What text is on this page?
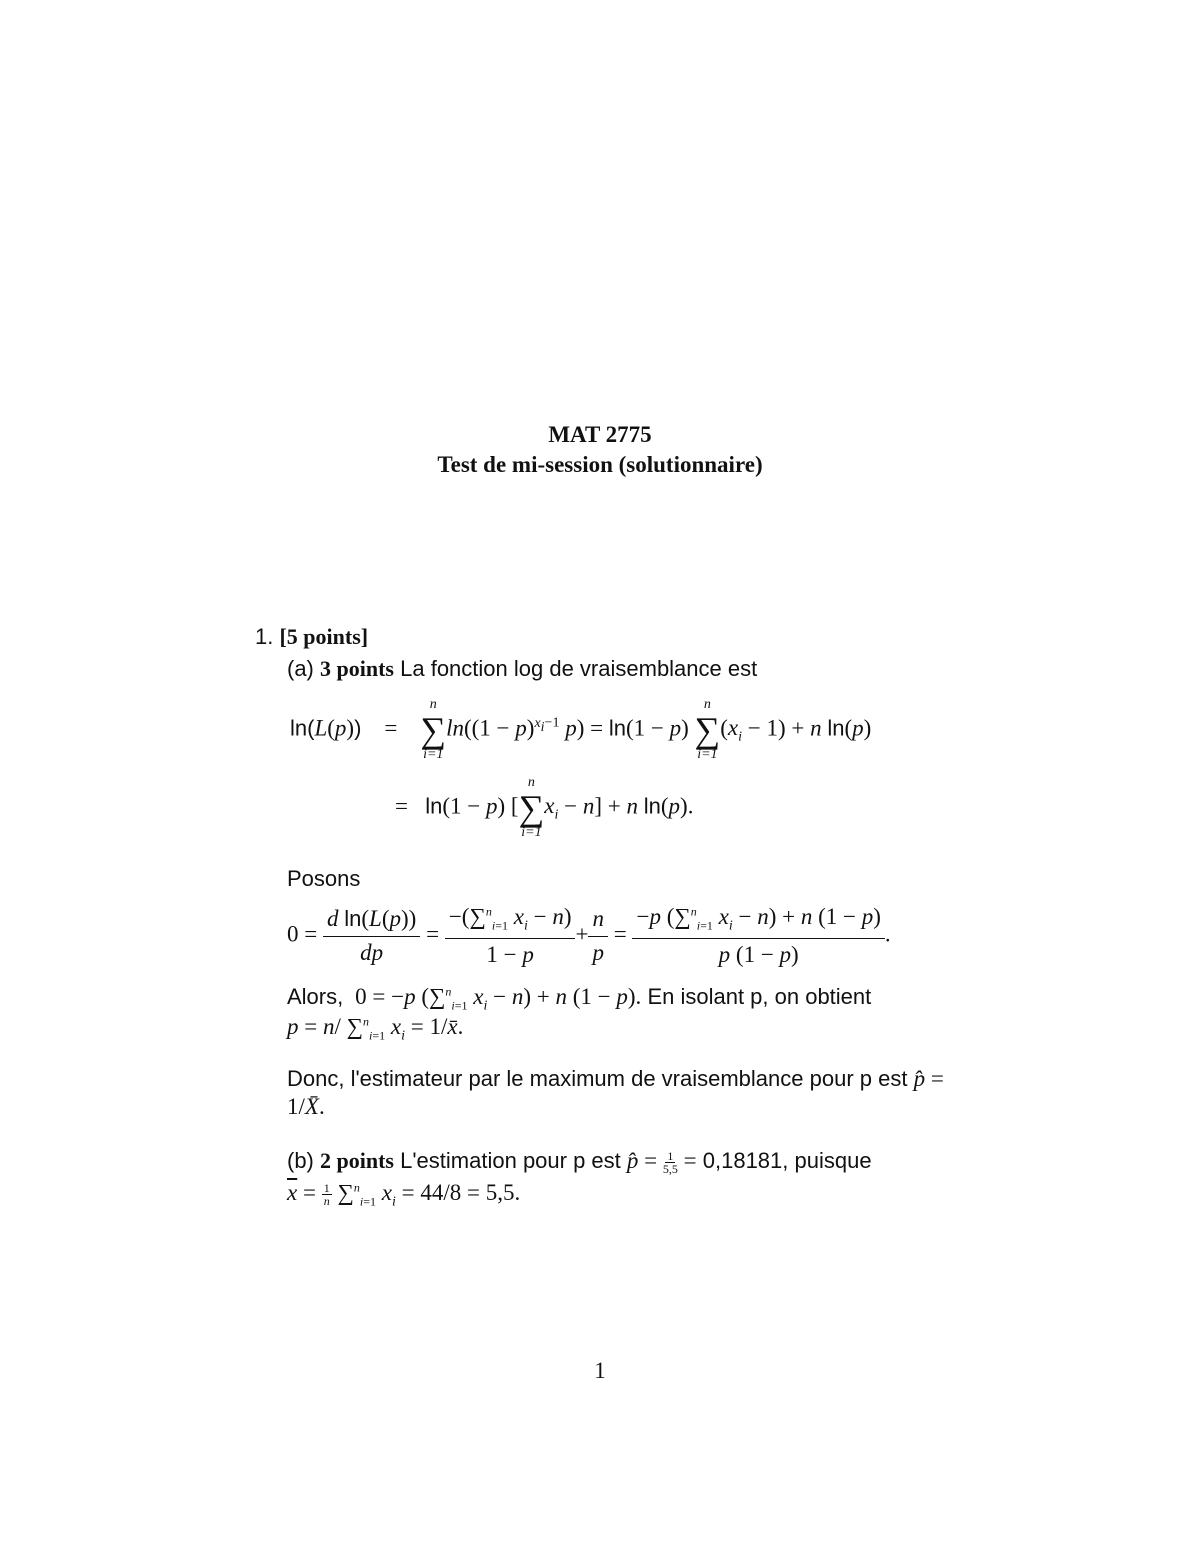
MAT 2775
Test de mi-session (solutionnaire)
1. [5 points]
(a) 3 points La fonction log de vraisemblance est
ln(L(p))    =
n
∑
i=1
$\ln((1 - p)^{x_i-1}$ p) = ln(1 − p)
n
∑
i=1
$(x_i - 1) + n$ ln(p)
=   ln(1 − p) [
n
∑
i=1
$x_i - n] + n$ ln(p).
Posons
$0 = \frac{\text{d ln(L(p))}}{dp} = \frac{-(\sum^n_{i=1} x_i - n)}{1 - p} + \frac{n}{p} = \frac{-p (\sum^n_{i=1} x_i - n) + n (1 - p)}{p (1 - p)}$ .
Alors,  0 = −p (∑$^n_{i=1}$ $x_i - n) + n$ (1 − p). En isolant p, on obtient
p = n/ ∑$^n_{i=1}$ $x_i$ = 1/x̄.
Donc, l'estimateur par le maximum de vraisemblance pour p est p̂ =
1/X̄.
(b) 2 points L'estimation pour p est p̂ = $\frac{1}{5,5} = 0,18181$, puisque
$\overline{x} = \frac{1}{n} \sum^n_{i=1}$ $x_i = 44/8 = 5,5$.
1
